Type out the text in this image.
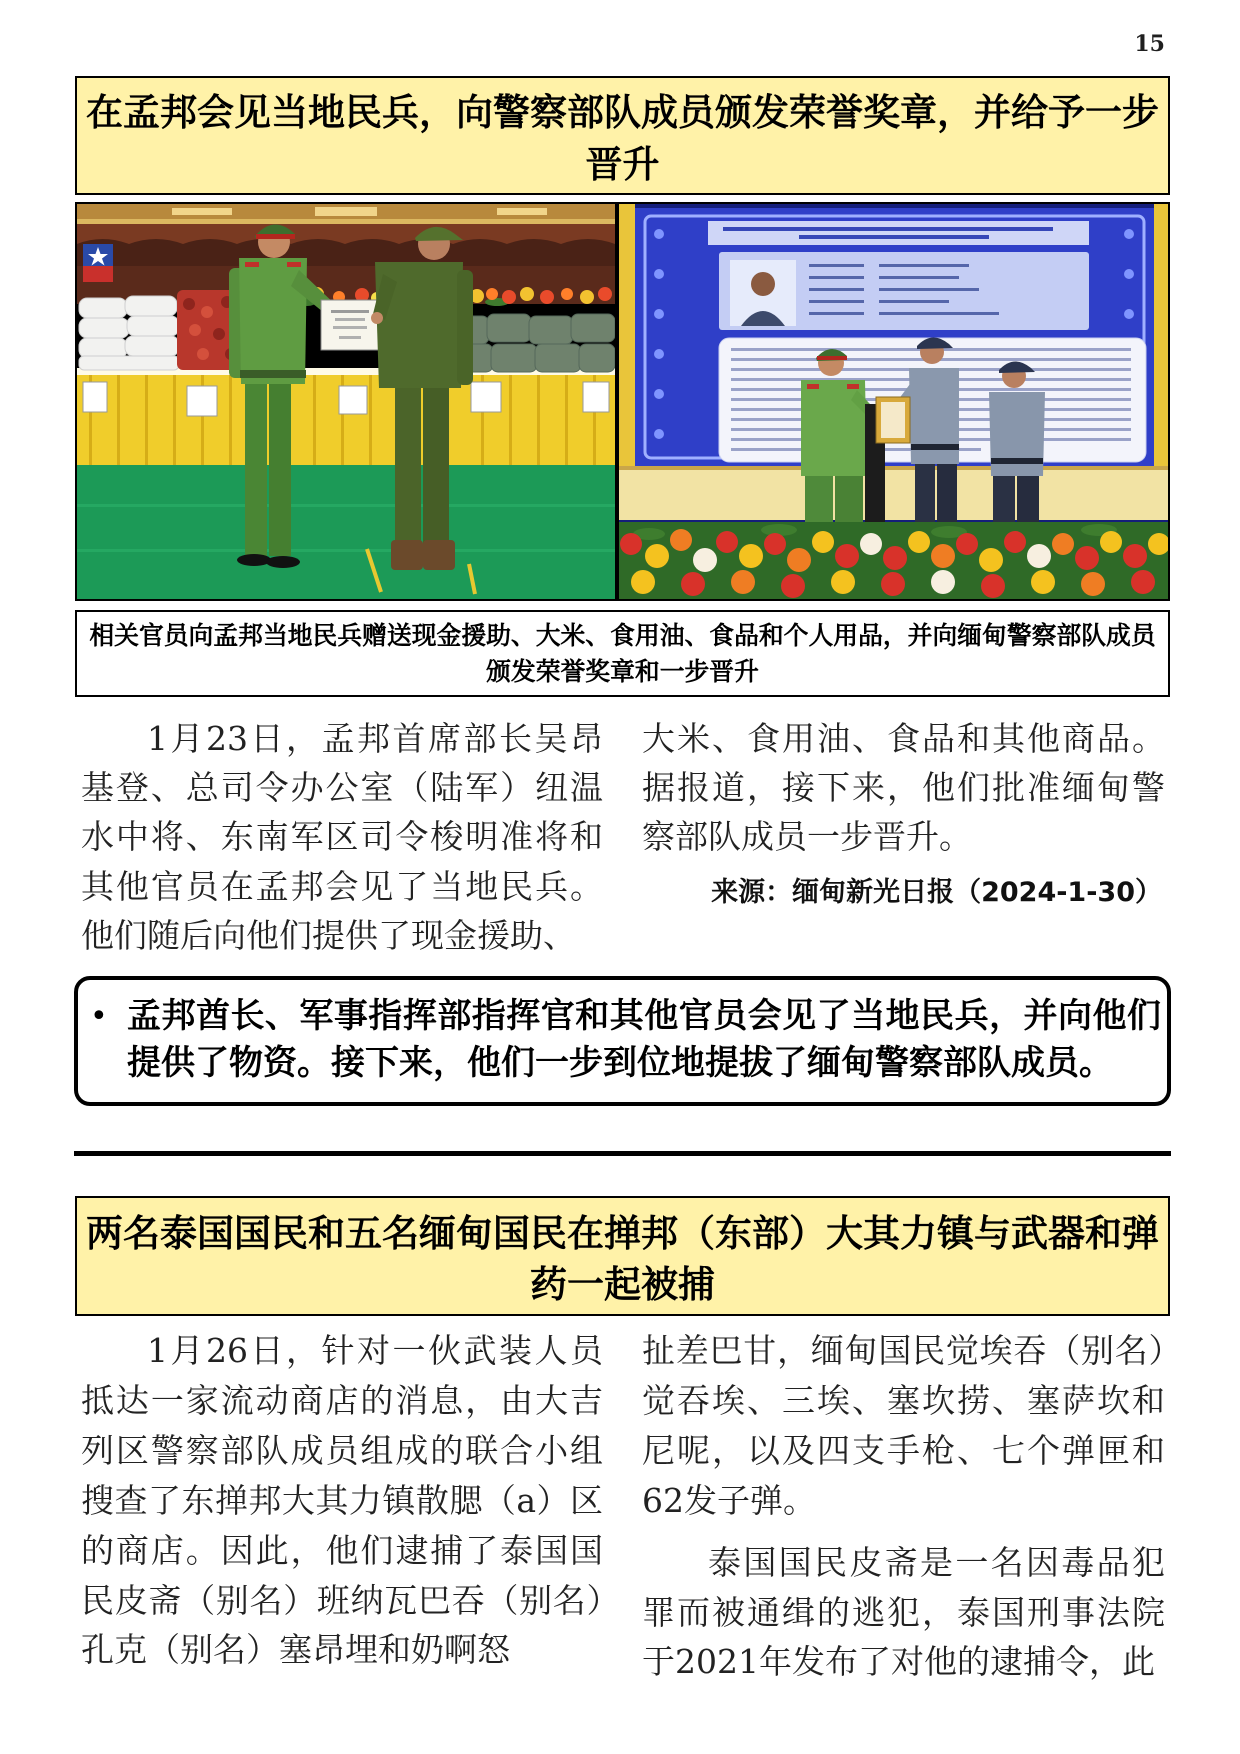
15
在孟邦会见当地民兵，向警察部队成员颁发荣誉奖章，并给予一步晋升
相关官员向孟邦当地民兵赠送现金援助、大米、食用油、食品和个人用品，并向缅甸警察部队成员颁发荣誉奖章和一步晋升
1月23日，孟邦首席部长吴昂基登、总司令办公室（陆军）纽温水中将、东南军区司令梭明准将和其他官员在孟邦会见了当地民兵。他们随后向他们提供了现金援助、
大米、食用油、食品和其他商品。据报道，接下来，他们批准缅甸警察部队成员一步晋升。
来源：缅甸新光日报（2024-1-30）
• 孟邦酋长、军事指挥部指挥官和其他官员会见了当地民兵，并向他们提供了物资。接下来，他们一步到位地提拔了缅甸警察部队成员。
两名泰国国民和五名缅甸国民在掸邦（东部）大其力镇与武器和弹药一起被捕
1月26日，针对一伙武装人员抵达一家流动商店的消息，由大吉列区警察部队成员组成的联合小组搜查了东掸邦大其力镇散腮（a）区的商店。因此，他们逮捕了泰国国民皮斋（别名）班纳瓦巴吞（别名）孔克（别名）塞昂埋和奶啊怒
扯差巴甘，缅甸国民觉埃吞（别名）觉吞埃、三埃、塞坎捞、塞萨坎和尼呢，以及四支手枪、七个弹匣和62发子弹。
泰国国民皮斋是一名因毒品犯罪而被通缉的逃犯，泰国刑事法院于2021年发布了对他的逮捕令，此
